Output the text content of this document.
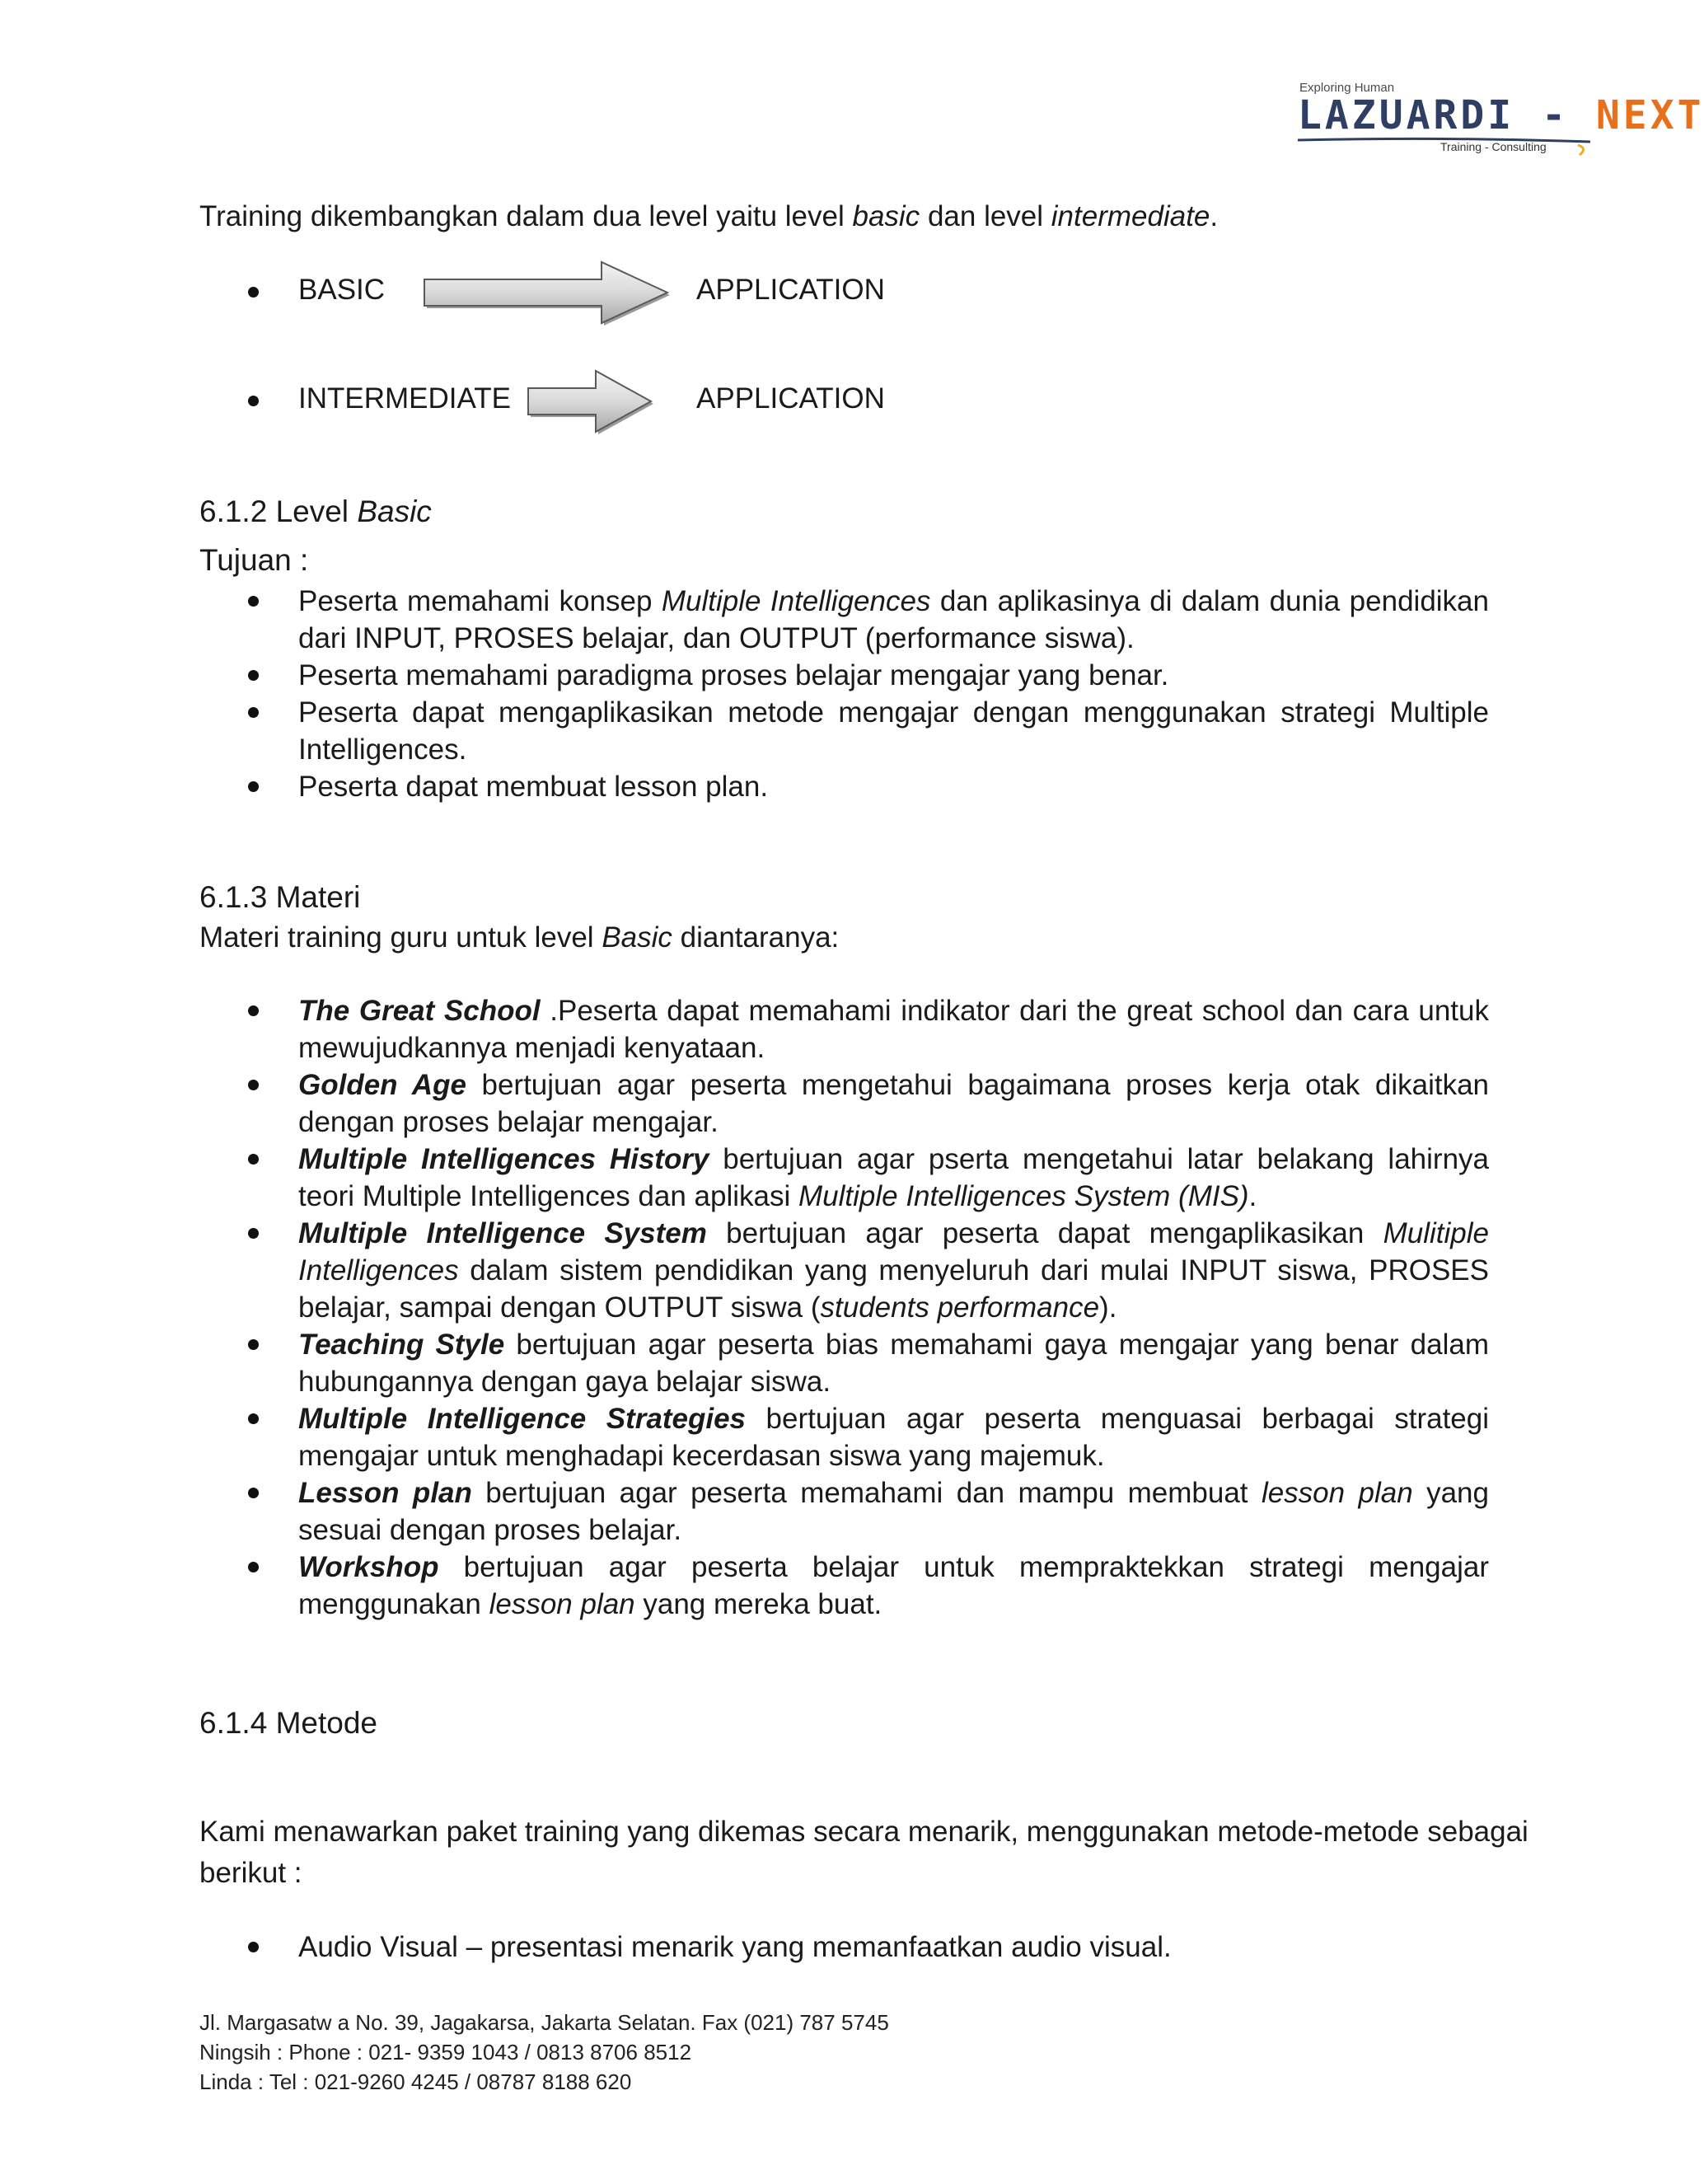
Exploring Human
LAZUARDI - NEXT
Training - Consulting
Training dikembangkan dalam dua level yaitu level basic dan level intermediate.
BASIC	APPLICATION
INTERMEDIATE	APPLICATION
6.1.2 Level Basic
Tujuan :
Peserta memahami konsep Multiple Intelligences dan aplikasinya di dalam dunia pendidikan dari INPUT, PROSES belajar, dan OUTPUT (performance siswa).
Peserta memahami paradigma proses belajar mengajar yang benar.
Peserta dapat mengaplikasikan metode mengajar dengan menggunakan strategi Multiple Intelligences.
Peserta dapat membuat lesson plan.
6.1.3 Materi
Materi training guru untuk level Basic diantaranya:
The Great School .Peserta dapat memahami indikator dari the great school dan cara untuk mewujudkannya menjadi kenyataan.
Golden Age bertujuan agar peserta mengetahui bagaimana proses kerja otak dikaitkan dengan proses belajar mengajar.
Multiple Intelligences History bertujuan agar pserta mengetahui latar belakang lahirnya teori Multiple Intelligences dan aplikasi Multiple Intelligences System (MIS).
Multiple Intelligence System bertujuan agar peserta dapat mengaplikasikan Mulitiple Intelligences dalam sistem pendidikan yang menyeluruh dari mulai INPUT siswa, PROSES belajar, sampai dengan OUTPUT siswa (students performance).
Teaching Style bertujuan agar peserta bias memahami gaya mengajar yang benar dalam hubungannya dengan gaya belajar siswa.
Multiple Intelligence Strategies bertujuan agar peserta menguasai berbagai strategi mengajar untuk menghadapi kecerdasan siswa yang majemuk.
Lesson plan bertujuan agar peserta memahami dan mampu membuat lesson plan yang sesuai dengan proses belajar.
Workshop bertujuan agar peserta belajar untuk mempraktekkan strategi mengajar menggunakan lesson plan yang mereka buat.
6.1.4 Metode
Kami menawarkan paket training yang dikemas secara menarik, menggunakan metode-metode sebagai
berikut :
Audio Visual – presentasi menarik yang memanfaatkan audio visual.
Jl. Margasatw a No. 39, Jagakarsa, Jakarta Selatan. Fax (021) 787 5745
Ningsih : Phone : 021- 9359 1043 / 0813 8706 8512
Linda : Tel : 021-9260 4245 / 08787 8188 620
